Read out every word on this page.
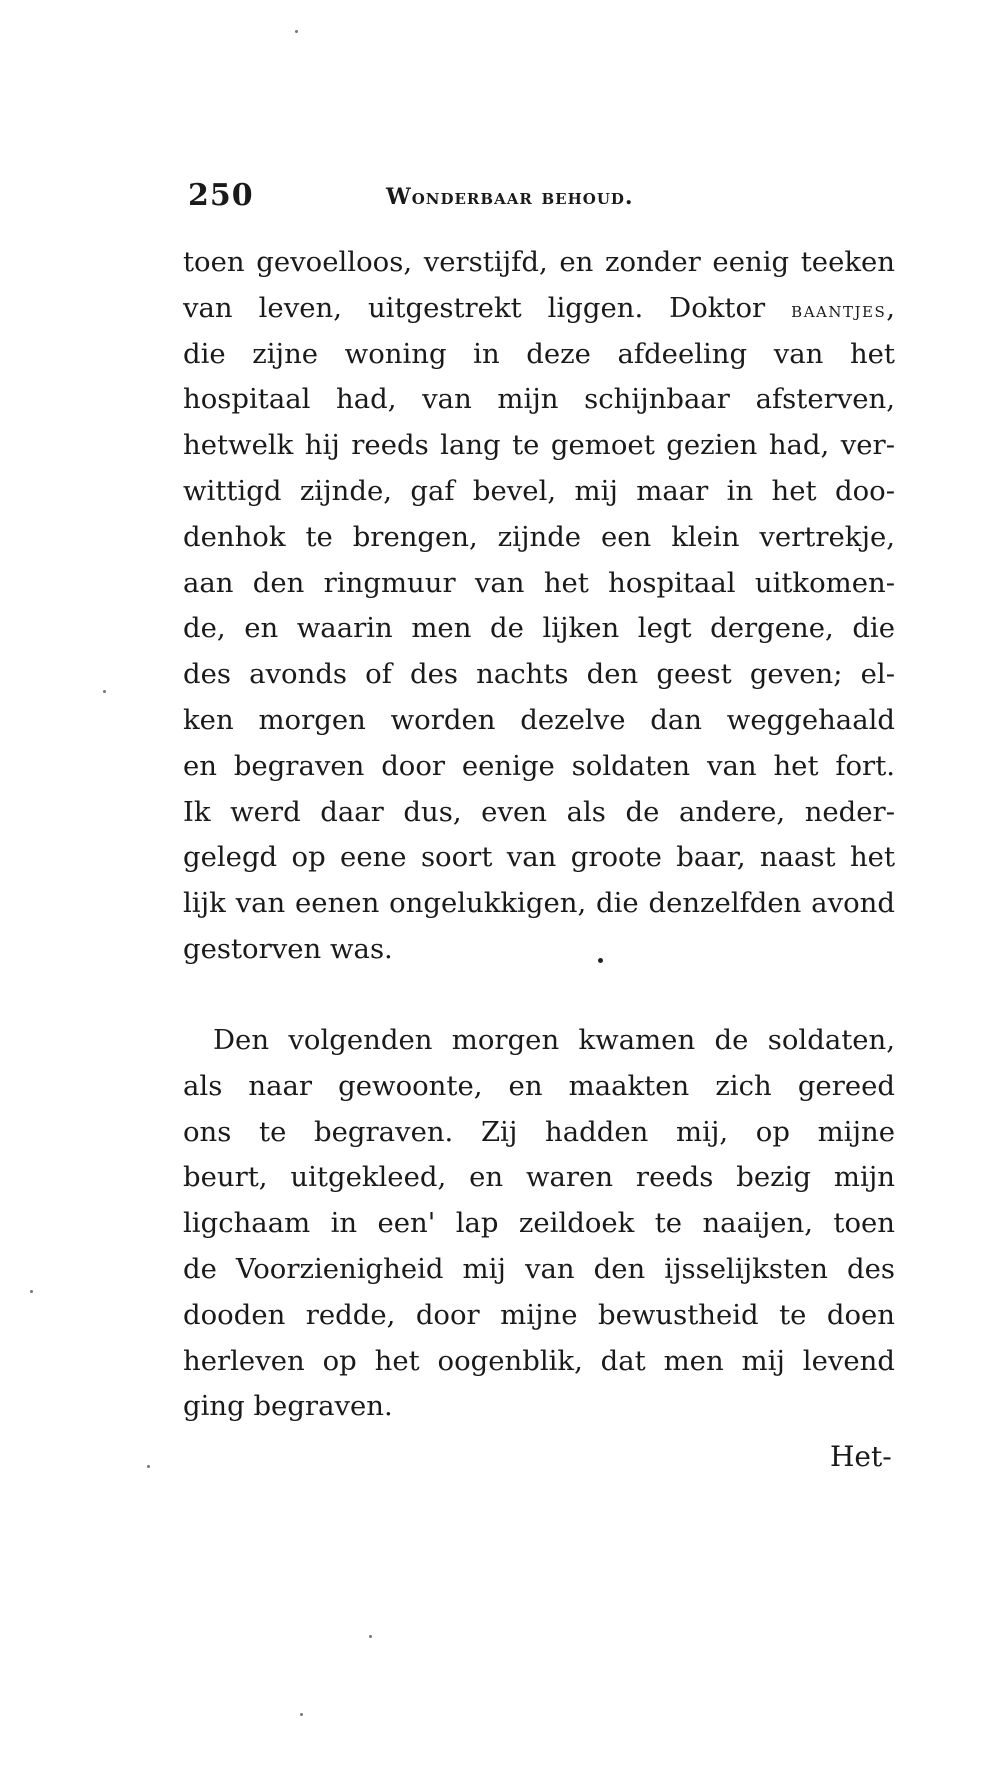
250	Wonderbaar behoud.
toen gevoelloos, verstijfd, en zonder eenig teeken
van leven, uitgestrekt liggen. Doktor baantjes,
die zijne woning in deze afdeeling van het
hospitaal had, van mijn schijnbaar afsterven,
hetwelk hij reeds lang te gemoet gezien had, ver-
wittigd zijnde, gaf bevel, mij maar in het doo-
denhok te brengen, zijnde een klein vertrekje,
aan den ringmuur van het hospitaal uitkomen-
de, en waarin men de lijken legt dergene, die
des avonds of des nachts den geest geven; el-
ken morgen worden dezelve dan weggehaald
en begraven door eenige soldaten van het fort.
Ik werd daar dus, even als de andere, neder-
gelegd op eene soort van groote baar, naast het
lijk van eenen ongelukkigen, die denzelfden avond
gestorven was.
Den volgenden morgen kwamen de soldaten,
als naar gewoonte, en maakten zich gereed
ons te begraven. Zij hadden mij, op mijne
beurt, uitgekleed, en waren reeds bezig mijn
ligchaam in een' lap zeildoek te naaijen, toen
de Voorzienigheid mij van den ijsselijksten des
dooden redde, door mijne bewustheid te doen
herleven op het oogenblik, dat men mij levend
ging begraven.
Het-
